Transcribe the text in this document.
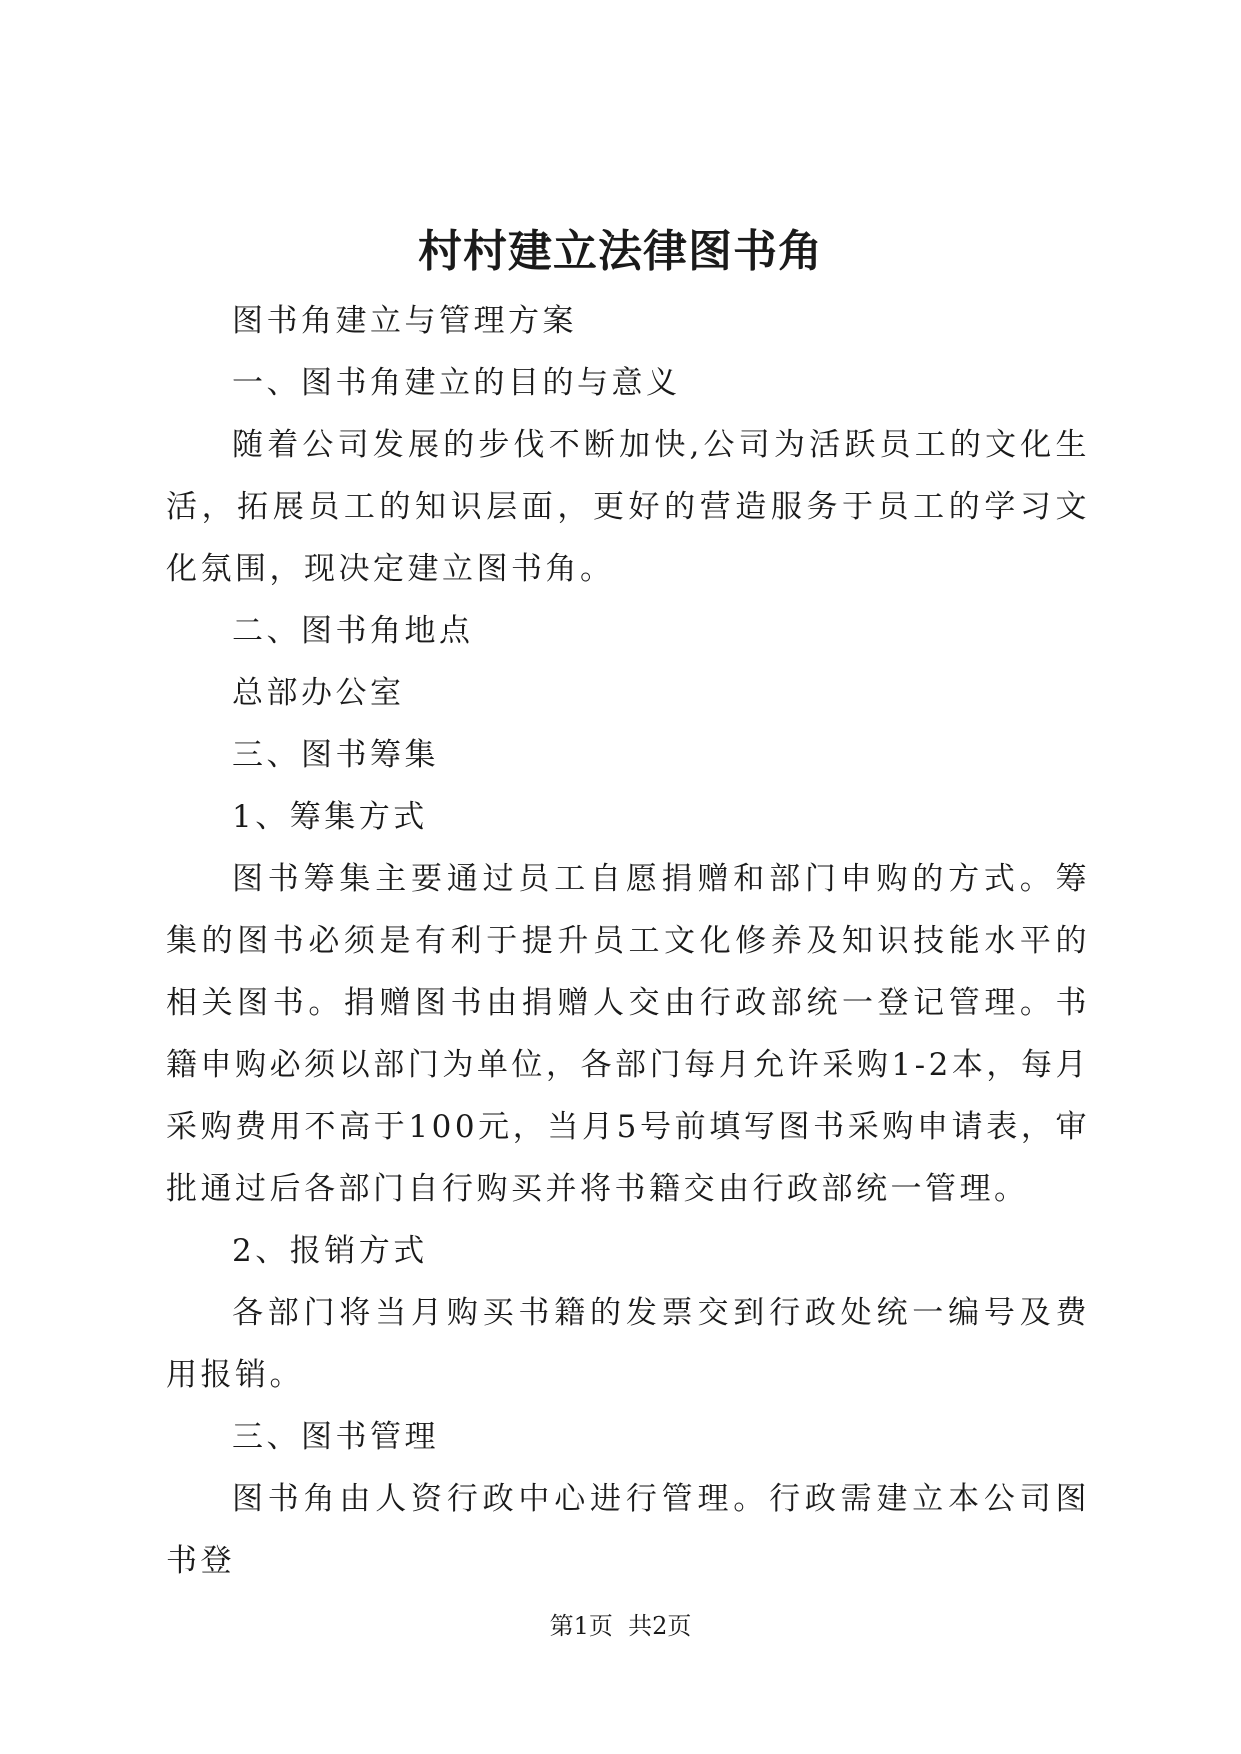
村村建立法律图书角

图书角建立与管理方案

一、图书角建立的目的与意义

随着公司发展的步伐不断加快,公司为活跃员工的文化生活，拓展员工的知识层面，更好的营造服务于员工的学习文化氛围，现决定建立图书角。

二、图书角地点

总部办公室

三、图书筹集

1、筹集方式

图书筹集主要通过员工自愿捐赠和部门申购的方式。筹集的图书必须是有利于提升员工文化修养及知识技能水平的相关图书。捐赠图书由捐赠人交由行政部统一登记管理。书籍申购必须以部门为单位，各部门每月允许采购1-2本，每月采购费用不高于100元，当月5号前填写图书采购申请表，审批通过后各部门自行购买并将书籍交由行政部统一管理。

2、报销方式

各部门将当月购买书籍的发票交到行政处统一编号及费用报销。

三、图书管理

图书角由人资行政中心进行管理。行政需建立本公司图书登

第1页  共2页
